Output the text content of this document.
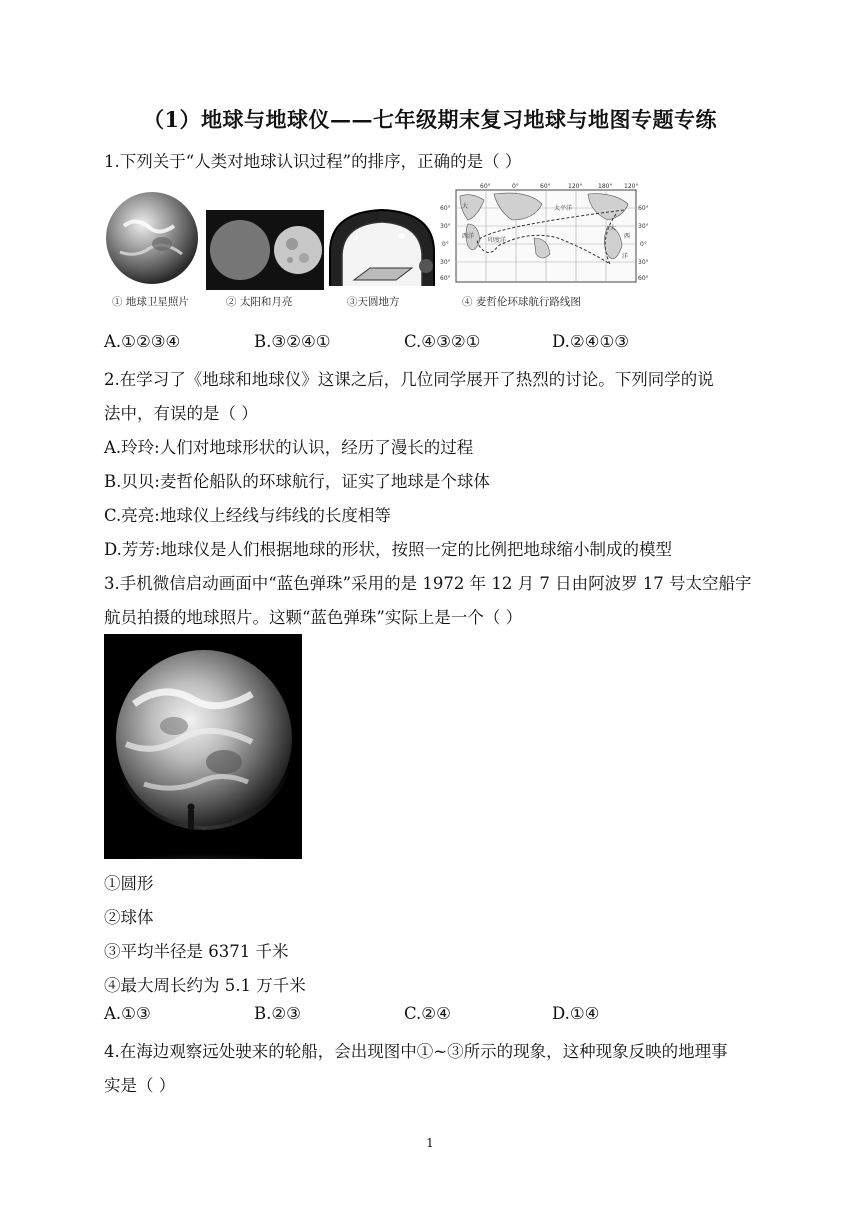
（1）地球与地球仪——七年级期末复习地球与地图专题专练
1.下列关于“人类对地球认识过程”的排序，正确的是（ ）
① 地球卫星照片	② 太阳和月亮	③天圆地方
60°	0°	60°	120°	180° 120°
60°
30°
0°
30°
60°
60°
30°
0°
30°
60°
大
西洋
印度洋
太平洋
大
西
洋
④ 麦哲伦环球航行路线图
A.①②③④	B.③②④①	C.④③②①	D.②④①③
2.在学习了《地球和地球仪》这课之后，几位同学展开了热烈的讨论。下列同学的说
法中，有误的是（ ）
A.玲玲:人们对地球形状的认识，经历了漫长的过程
B.贝贝:麦哲伦船队的环球航行，证实了地球是个球体
C.亮亮:地球仪上经线与纬线的长度相等
D.芳芳:地球仪是人们根据地球的形状，按照一定的比例把地球缩小制成的模型
3.手机微信启动画面中“蓝色弹珠”采用的是 1972 年 12 月 7 日由阿波罗 17 号太空船宇
航员拍摄的地球照片。这颗“蓝色弹珠”实际上是一个（ ）
①圆形
②球体
③平均半径是 6371 千米
④最大周长约为 5.1 万千米
A.①③	B.②③	C.②④	D.①④
4.在海边观察远处驶来的轮船，会出现图中①~③所示的现象，这种现象反映的地理事
实是（ ）
1
